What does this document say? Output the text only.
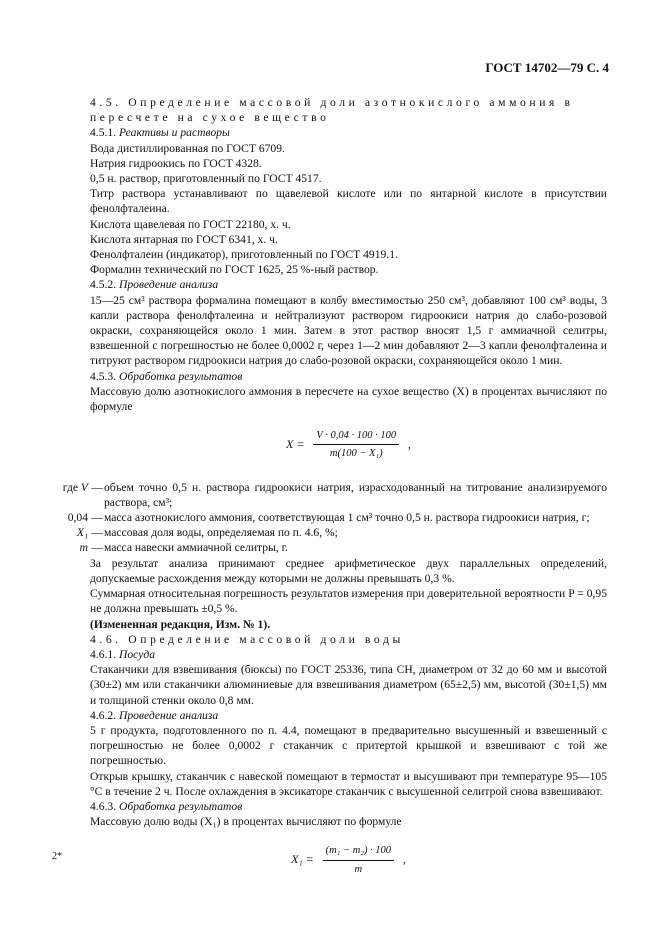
ГОСТ 14702—79 С. 4

4.5. Определение массовой доли азотнокислого аммония в

пересчете на сухое вещество

4.5.1. Реактивы и растворы

Вода дистиллированная по ГОСТ 6709.

Натрия гидроокись по ГОСТ 4328.

0,5 н. раствор, приготовленный по ГОСТ 4517.

Титр раствора устанавливают по щавелевой кислоте или по янтарной кислоте в присутствии фенолфталеина.

Кислота щавелевая по ГОСТ 22180, х. ч.

Кислота янтарная по ГОСТ 6341, х. ч.

Фенолфталеин (индикатор), приготовленный по ГОСТ 4919.1.

Формалин технический по ГОСТ 1625, 25 %-ный раствор.

4.5.2. Проведение анализа

15—25 см³ раствора формалина помещают в колбу вместимостью 250 см³, добавляют 100 см³ воды, 3 капли раствора фенолфталеина и нейтрализуют раствором гидроокиси натрия до слабо-розовой окраски, сохраняющейся около 1 мин. Затем в этот раствор вносят 1,5 г аммиачной селитры, взвешенной с погрешностью не более 0,0002 г, через 1—2 мин добавляют 2—3 капли фенолфталеина и титруют раствором гидроокиси натрия до слабо-розовой окраски, сохраняющейся около 1 мин.

4.5.3. Обработка результатов

Массовую долю азотнокислого аммония в пересчете на сухое вещество (X) в процентах вычисляют по формуле

$X = \frac{V \cdot 0,04 \cdot 100 \cdot 100}{\text{m(100 − X₁)}}$ ,
где V — объем точно 0,5 н. раствора гидроокиси натрия, израсходованный на титрование анализируемого раствора, см³;
0,04 — масса азотнокислого аммония, соответствующая 1 см³ точно 0,5 н. раствора гидроокиси натрия, г;
X₁ — массовая доля воды, определяемая по п. 4.6, %;
m — масса навески аммиачной селитры, г.

За результат анализа принимают среднее арифметическое двух параллельных определений, допускаемые расхождения между которыми не должны превышать 0,3 %.

Суммарная относительная погрешность результатов измерения при доверительной вероятности P = 0,95 не должна превышать ±0,5 %.

(Измененная редакция, Изм. № 1).

4.6. Определение массовой доли воды

4.6.1. Посуда

Стаканчики для взвешивания (бюксы) по ГОСТ 25336, типа СН, диаметром от 32 до 60 мм и высотой (30±2) мм или стаканчики алюминиевые для взвешивания диаметром (65±2,5) мм, высотой (30±1,5) мм и толщиной стенки около 0,8 мм.

4.6.2. Проведение анализа

5 г продукта, подготовленного по п. 4.4, помещают в предварительно высушенный и взвешенный с погрешностью не более 0,0002 г стаканчик с притертой крышкой и взвешивают с той же погрешностью.

Открыв крышку, стаканчик с навеской помещают в термостат и высушивают при температуре 95—105 °С в течение 2 ч. После охлаждения в эксикаторе стаканчик с высушенной селитрой снова взвешивают.

4.6.3. Обработка результатов

Массовую долю воды (X₁) в процентах вычисляют по формуле

$X_1 = \frac{\text{(m₁ − m₂) · 100}}{m}$ ,
2*
